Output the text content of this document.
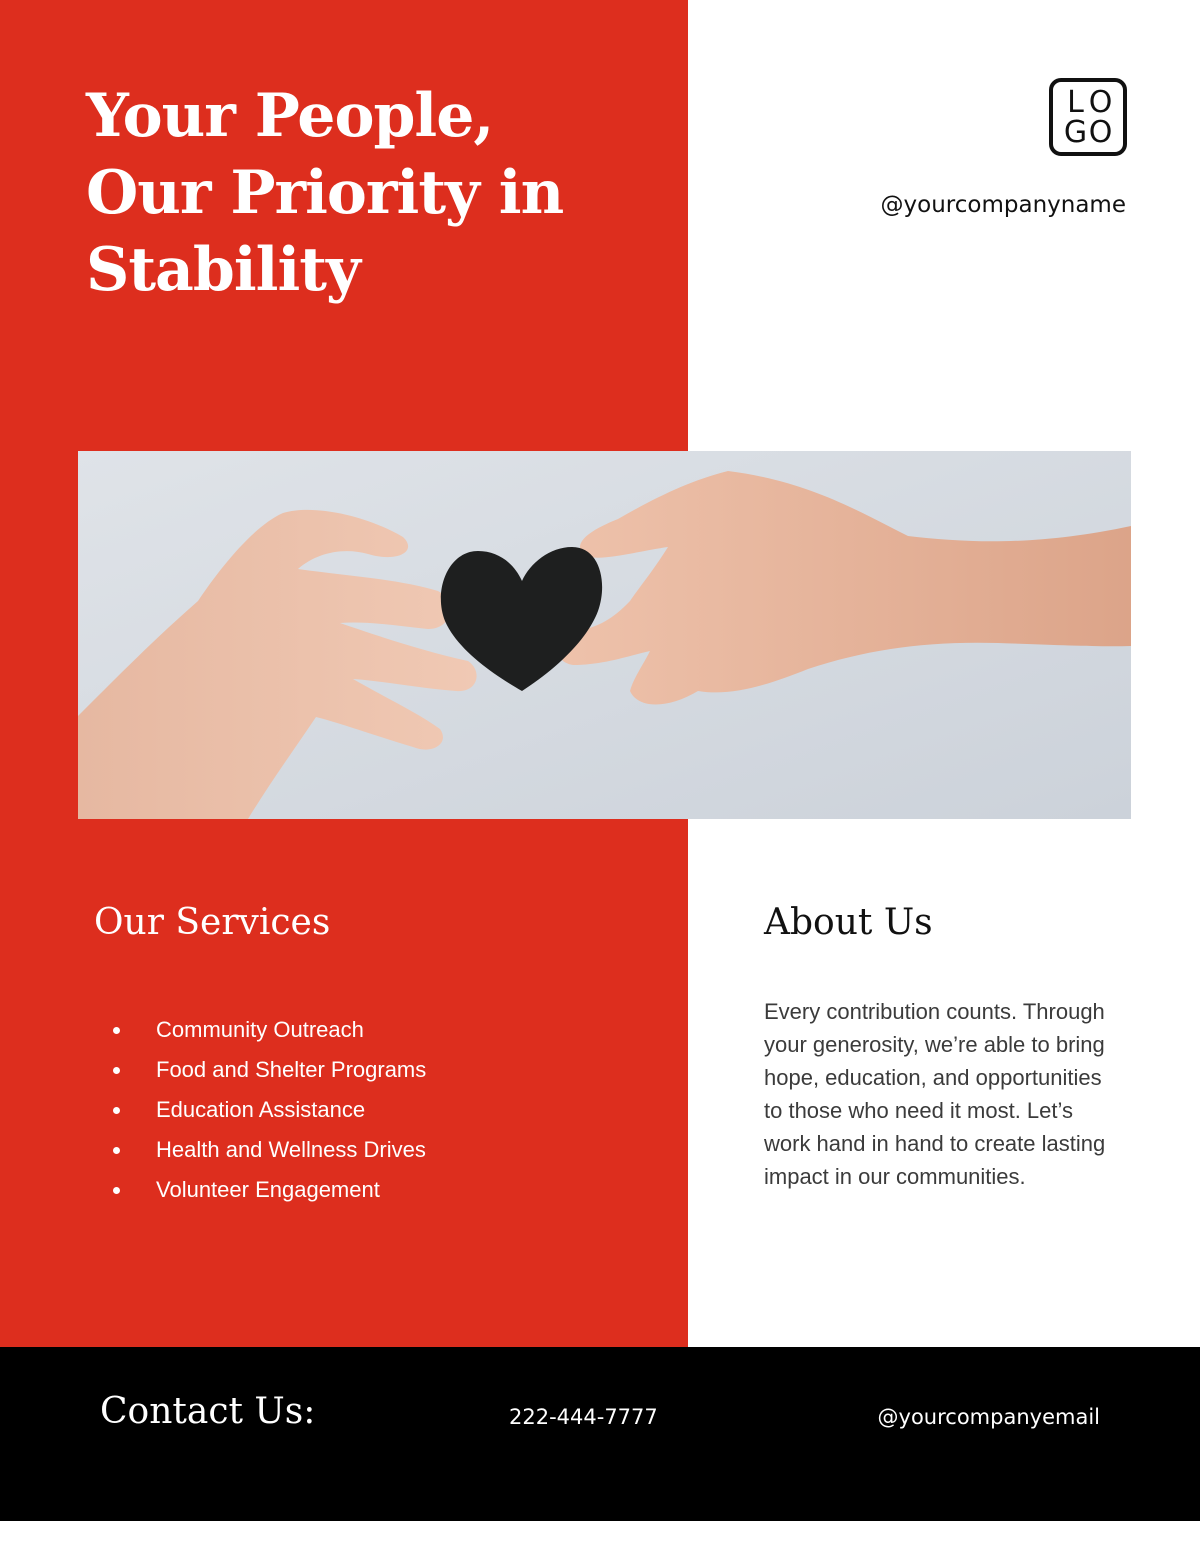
Your People,
Our Priority in
Stability
L O
G O
@yourcompanyname
Our Services
Community Outreach
Food and Shelter Programs
Education Assistance
Health and Wellness Drives
Volunteer Engagement
About Us

Every contribution counts. Through your generosity, we’re able to bring hope, education, and opportunities to those who need it most. Let’s work hand in hand to create lasting impact in our communities.

Contact Us:	222-444-7777	@yourcompanyemail
